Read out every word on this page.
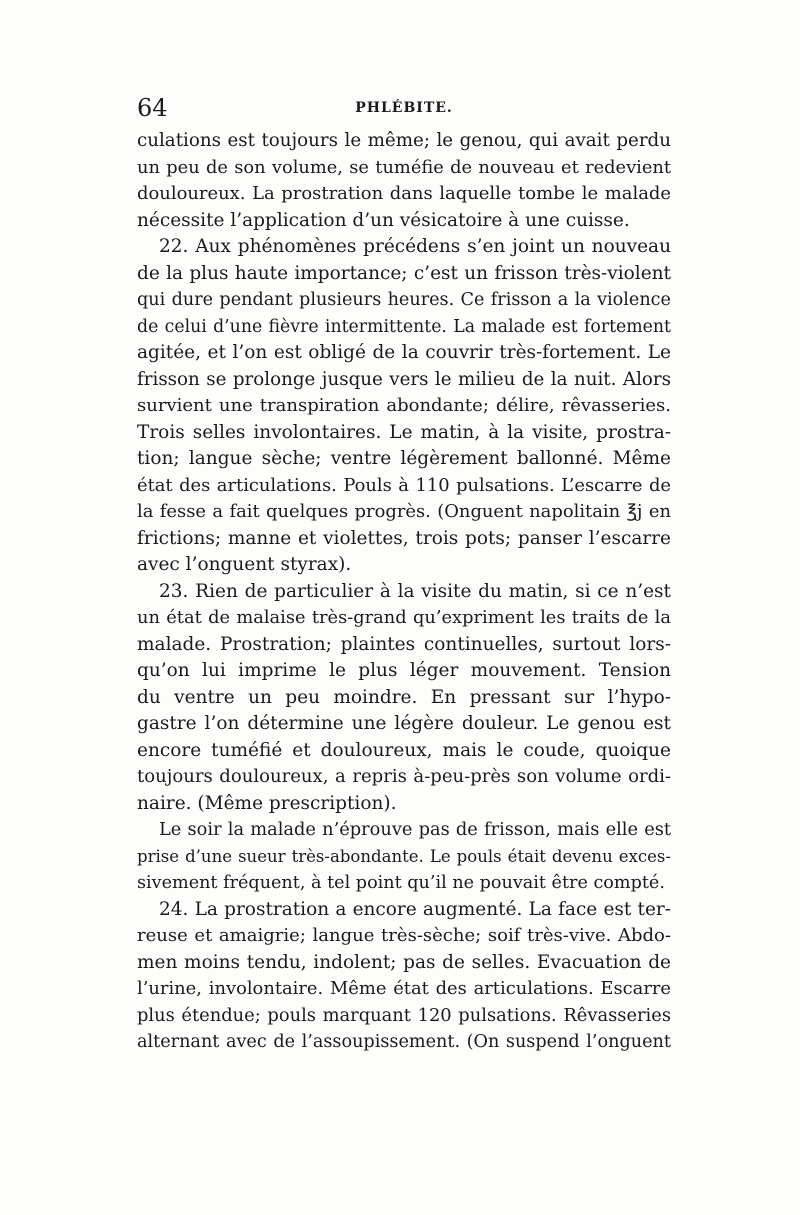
64	PHLÉBITE.
culations est toujours le même; le genou, qui avait perdu
un peu de son volume, se tuméfie de nouveau et redevient
douloureux. La prostration dans laquelle tombe le malade
nécessite l’application d’un vésicatoire à une cuisse.
22. Aux phénomènes précédens s’en joint un nouveau
de la plus haute importance; c’est un frisson très-violent
qui dure pendant plusieurs heures. Ce frisson a la violence
de celui d’une fièvre intermittente. La malade est fortement
agitée, et l’on est obligé de la couvrir très-fortement. Le
frisson se prolonge jusque vers le milieu de la nuit. Alors
survient une transpiration abondante; délire, rêvasseries.
Trois selles involontaires. Le matin, à la visite, prostra-
tion; langue sèche; ventre légèrement ballonné. Même
état des articulations. Pouls à 110 pulsations. L’escarre de
la fesse a fait quelques progrès. (Onguent napolitain ℥j en
frictions; manne et violettes, trois pots; panser l’escarre
avec l’onguent styrax).
23. Rien de particulier à la visite du matin, si ce n’est
un état de malaise très-grand qu’expriment les traits de la
malade. Prostration; plaintes continuelles, surtout lors-
qu’on lui imprime le plus léger mouvement. Tension
du ventre un peu moindre. En pressant sur l’hypo-
gastre l’on détermine une légère douleur. Le genou est
encore tuméfié et douloureux, mais le coude, quoique
toujours douloureux, a repris à-peu-près son volume ordi-
naire. (Même prescription).
Le soir la malade n’éprouve pas de frisson, mais elle est
prise d’une sueur très-abondante. Le pouls était devenu exces-
sivement fréquent, à tel point qu’il ne pouvait être compté.
24. La prostration a encore augmenté. La face est ter-
reuse et amaigrie; langue très-sèche; soif très-vive. Abdo-
men moins tendu, indolent; pas de selles. Evacuation de
l’urine, involontaire. Même état des articulations. Escarre
plus étendue; pouls marquant 120 pulsations. Rêvasseries
alternant avec de l’assoupissement. (On suspend l’onguent
